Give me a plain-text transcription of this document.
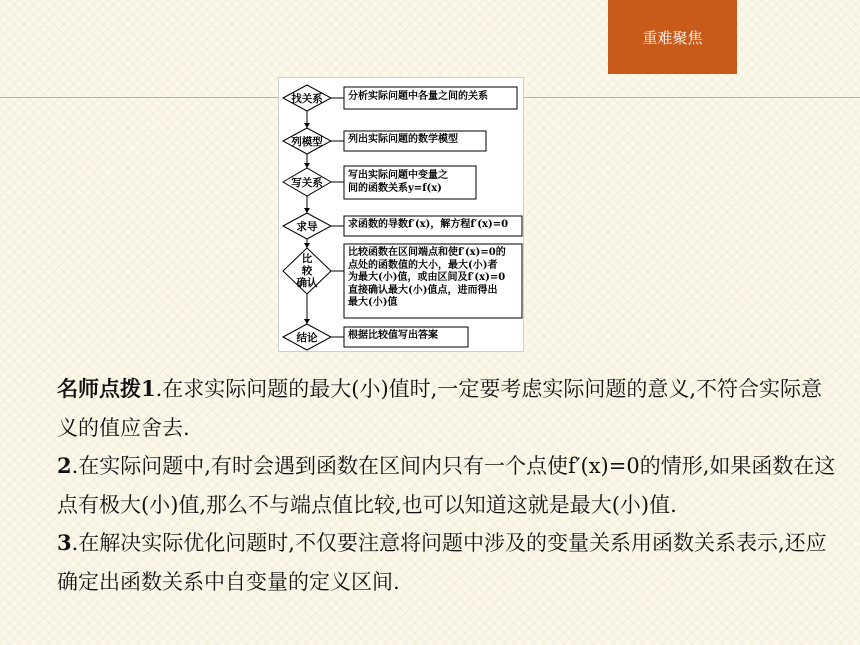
重难聚焦
找关系
列模型
写关系
求导
比
较
确认
结论
分析实际问题中各量之间的关系
列出实际问题的数学模型
写出实际问题中变量之
间的函数关系y=f(x)
求函数的导数f′(x)，解方程f′(x)=0
比较函数在区间端点和使f′(x)=0的
点处的函数值的大小，最大(小)者
为最大(小)值，或由区间及f′(x)=0
直接确认最大(小)值点，进而得出
最大(小)值
根据比较值写出答案

名师点拨1.在求实际问题的最大(小)值时,一定要考虑实际问题的意义,不符合实际意义的值应舍去.

2.在实际问题中,有时会遇到函数在区间内只有一个点使f′(x)=0的情形,如果函数在这点有极大(小)值,那么不与端点值比较,也可以知道这就是最大(小)值.

3.在解决实际优化问题时,不仅要注意将问题中涉及的变量关系用函数关系表示,还应确定出函数关系中自变量的定义区间.
